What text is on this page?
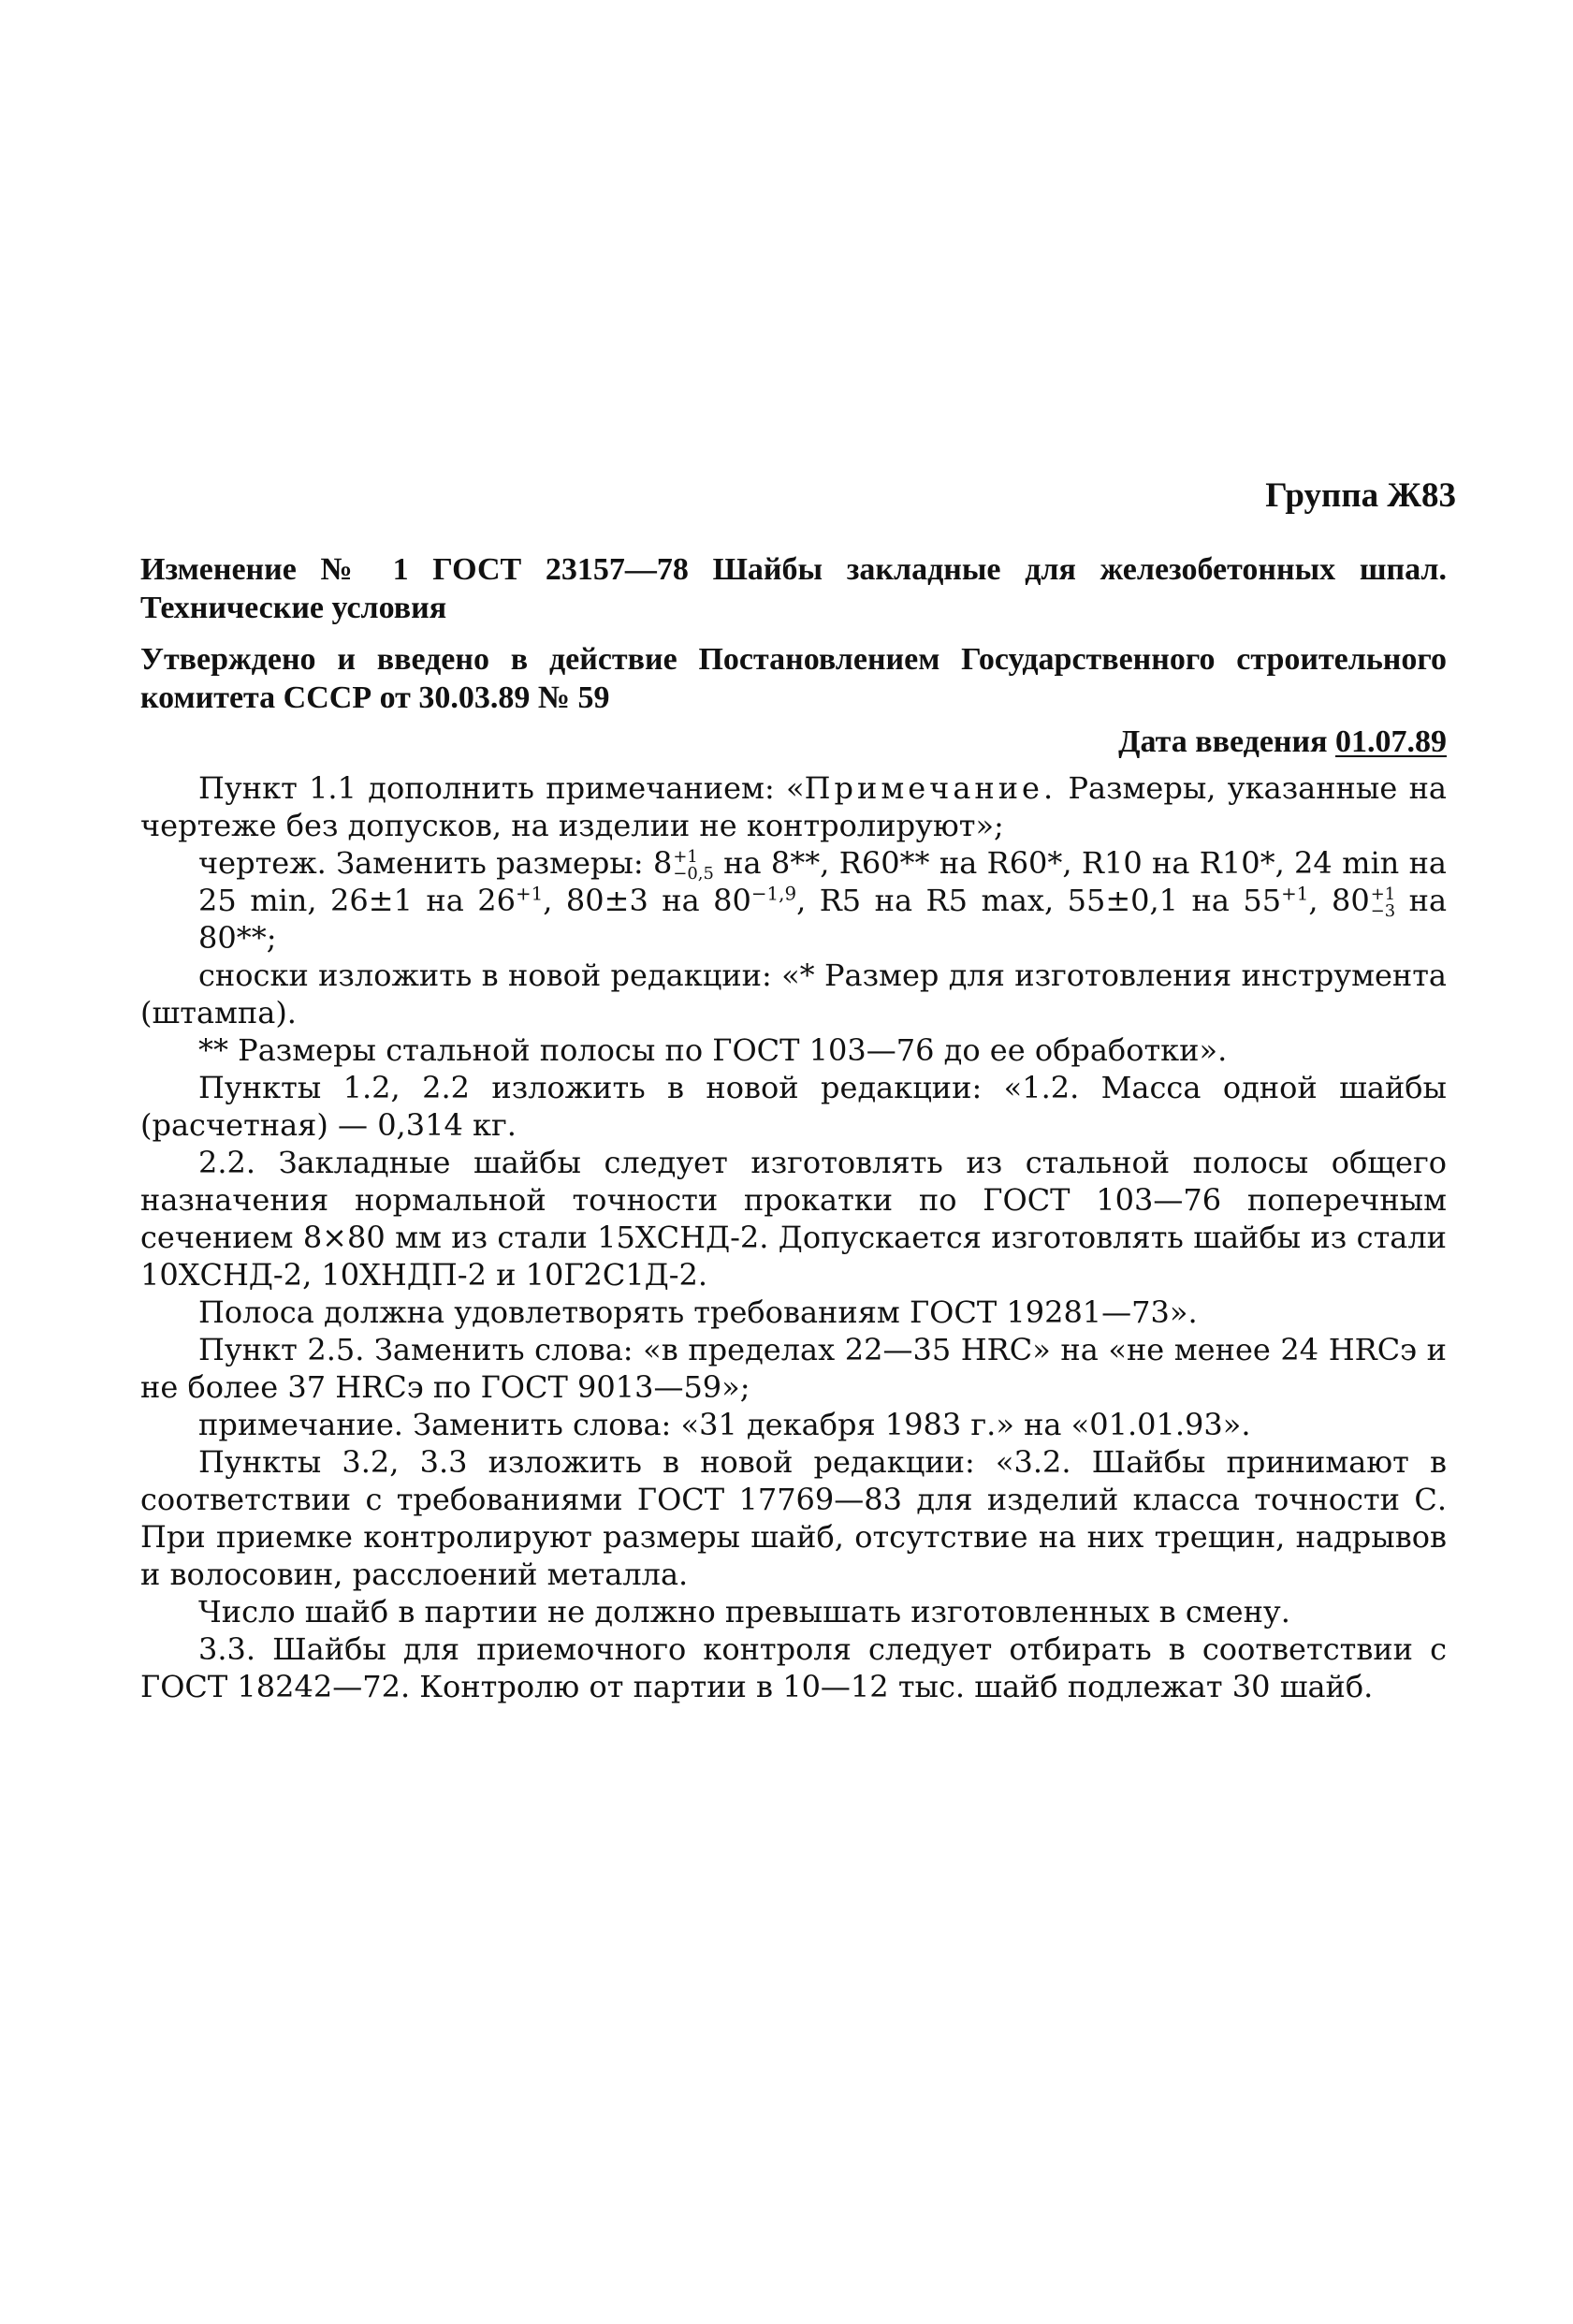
Группа Ж83
Изменение № 1 ГОСТ 23157—78 Шайбы закладные для железобетонных шпал. Технические условия
Утверждено и введено в действие Постановлением Государственного строительного комитета СССР от 30.03.89 № 59
Дата введения 01.07.89
Пункт 1.1 дополнить примечанием: «Примечание. Размеры, указанные на чертеже без допусков, на изделии не контролируют»;
чертеж. Заменить размеры: 8 +1
−0,5 на 8**, R60** на R60*, R10 на R10*, 24 min на 25 min, 26±1 на $26^{+1}$, 80±3 на $80^{-1,9}$, R5 на R5 max, 55±0,1 на $55^{+1}$, 80 +1
−3 на 80**;
сноски изложить в новой редакции: «* Размер для изготовления инструмента (штампа).
** Размеры стальной полосы по ГОСТ 103—76 до ее обработки».
Пункты 1.2, 2.2 изложить в новой редакции: «1.2. Масса одной шайбы (расчетная) — 0,314 кг.
2.2. Закладные шайбы следует изготовлять из стальной полосы общего назначения нормальной точности прокатки по ГОСТ 103—76 поперечным сечением 8×80 мм из стали 15ХСНД-2. Допускается изготовлять шайбы из стали 10ХСНД-2, 10ХНДП-2 и 10Г2С1Д-2.
Полоса должна удовлетворять требованиям ГОСТ 19281—73».
Пункт 2.5. Заменить слова: «в пределах 22—35 HRC» на «не менее 24 HRCэ и не более 37 HRCэ по ГОСТ 9013—59»;
примечание. Заменить слова: «31 декабря 1983 г.» на «01.01.93».
Пункты 3.2, 3.3 изложить в новой редакции: «3.2. Шайбы принимают в соответствии с требованиями ГОСТ 17769—83 для изделий класса точности С. При приемке контролируют размеры шайб, отсутствие на них трещин, надрывов и волосовин, расслоений металла.
Число шайб в партии не должно превышать изготовленных в смену.
3.3. Шайбы для приемочного контроля следует отбирать в соответствии с ГОСТ 18242—72. Контролю от партии в 10—12 тыс. шайб подлежат 30 шайб.
